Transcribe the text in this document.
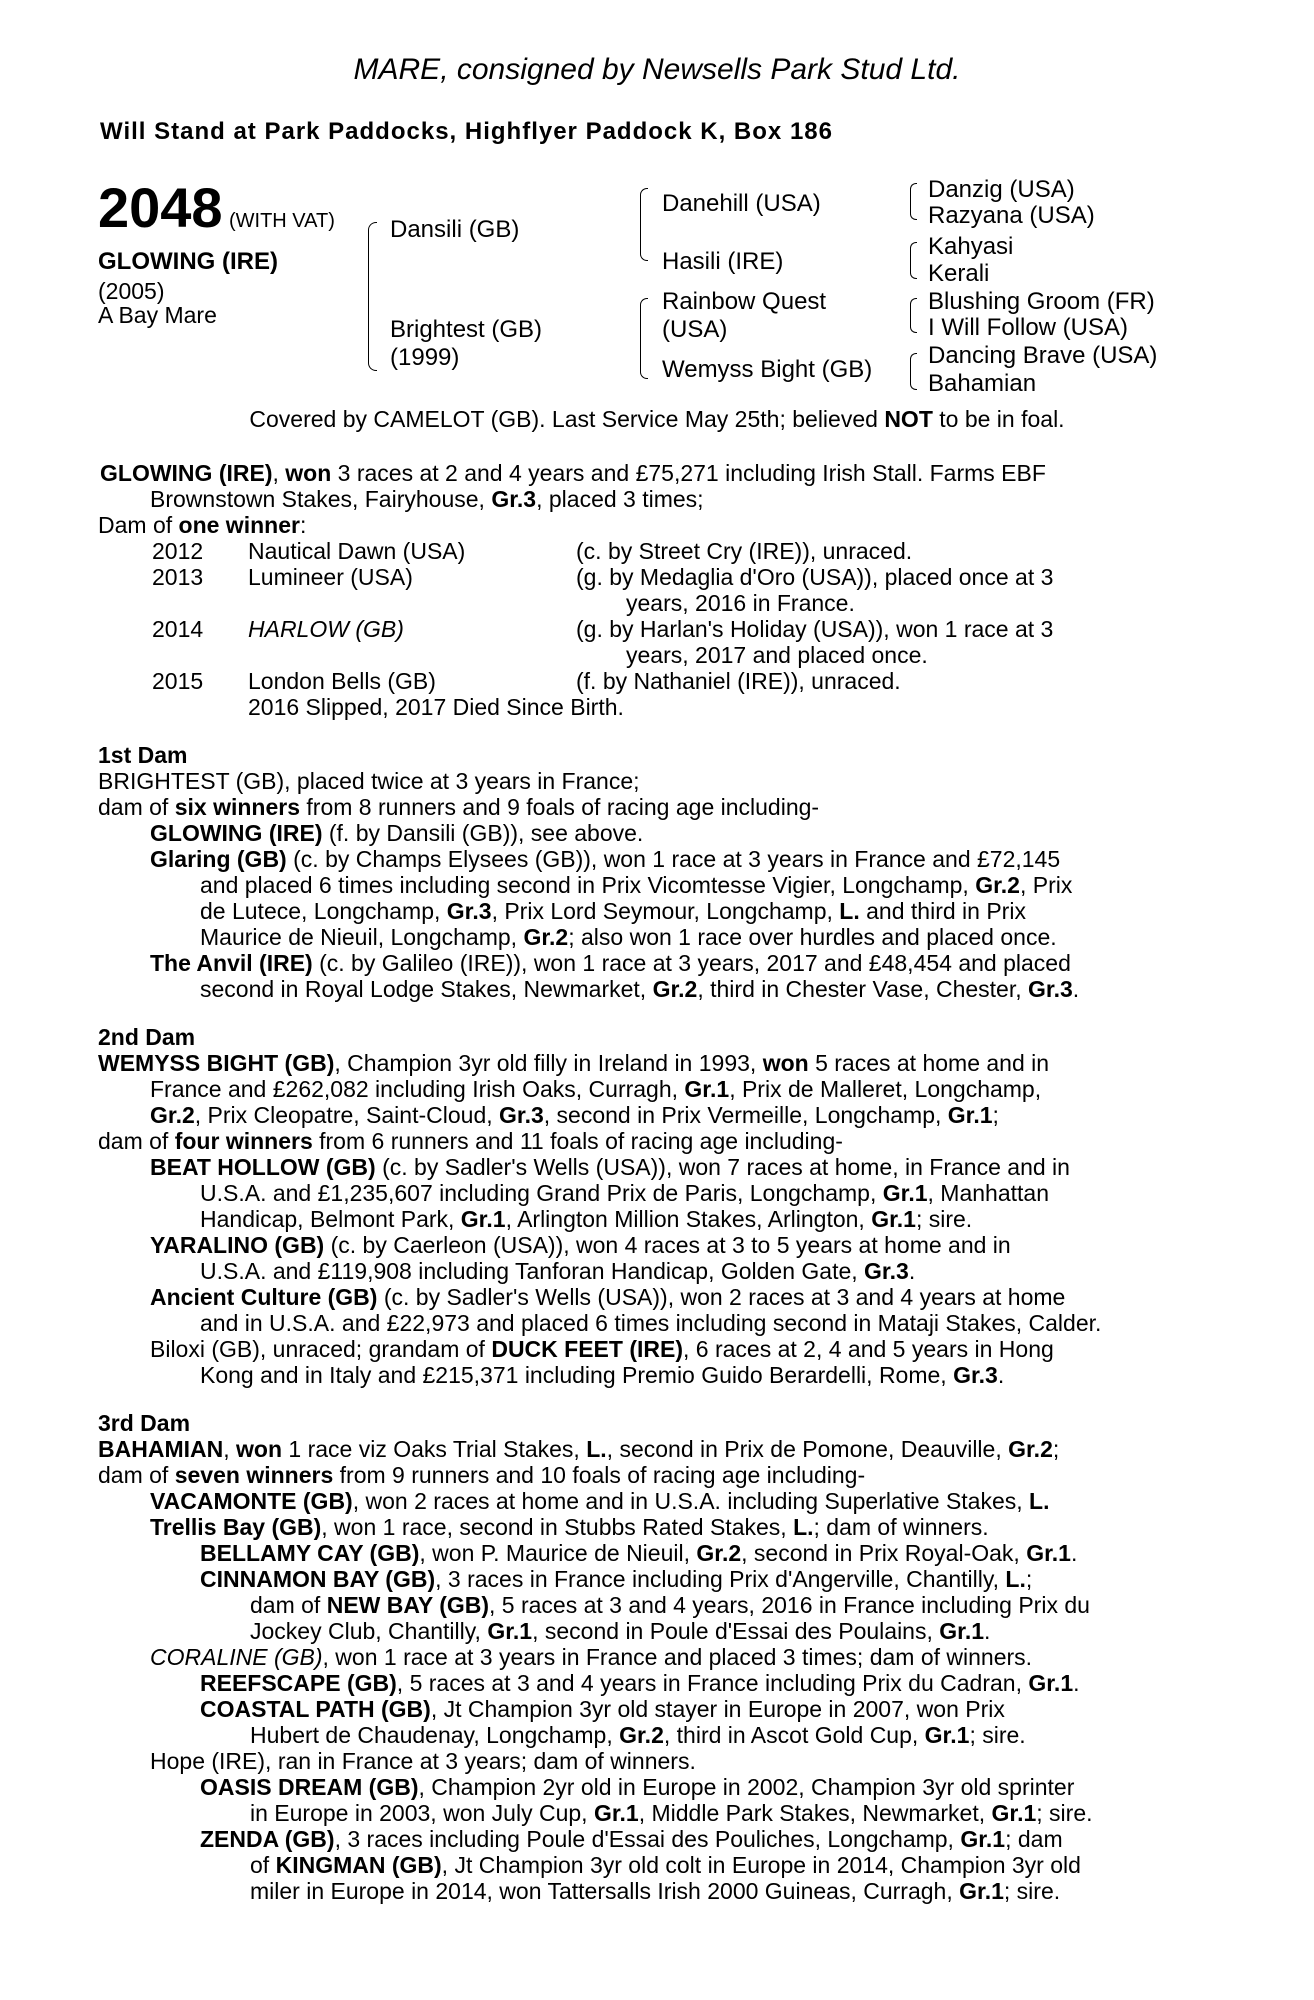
MARE, consigned by Newsells Park Stud Ltd.
Will Stand at Park Paddocks, Highflyer Paddock K, Box 186
2048 (WITH VAT)
GLOWING (IRE)
(2005)
A Bay Mare
Dansili (GB)
Brightest (GB)
(1999)
Danehill (USA)
Hasili (IRE)
Rainbow Quest
(USA)
Wemyss Bight (GB)
Danzig (USA)
Razyana (USA)
Kahyasi
Kerali
Blushing Groom (FR)
I Will Follow (USA)
Dancing Brave (USA)
Bahamian
Covered by CAMELOT (GB). Last Service May 25th; believed NOT to be in foal.
GLOWING (IRE), won 3 races at 2 and 4 years and £75,271 including Irish Stall. Farms EBF
Brownstown Stakes, Fairyhouse, Gr.3, placed 3 times;
Dam of one winner:
2012 Nautical Dawn (USA)	(c. by Street Cry (IRE)), unraced.
2013 Lumineer (USA)	(g. by Medaglia d'Oro (USA)), placed once at 3
years, 2016 in France.
2014 HARLOW (GB)	(g. by Harlan's Holiday (USA)), won 1 race at 3
years, 2017 and placed once.
2015 London Bells (GB)	(f. by Nathaniel (IRE)), unraced.
2016 Slipped, 2017 Died Since Birth.
1st Dam
BRIGHTEST (GB), placed twice at 3 years in France;
dam of six winners from 8 runners and 9 foals of racing age including-
GLOWING (IRE) (f. by Dansili (GB)), see above.
Glaring (GB) (c. by Champs Elysees (GB)), won 1 race at 3 years in France and £72,145
and placed 6 times including second in Prix Vicomtesse Vigier, Longchamp, Gr.2, Prix
de Lutece, Longchamp, Gr.3, Prix Lord Seymour, Longchamp, L. and third in Prix
Maurice de Nieuil, Longchamp, Gr.2; also won 1 race over hurdles and placed once.
The Anvil (IRE) (c. by Galileo (IRE)), won 1 race at 3 years, 2017 and £48,454 and placed
second in Royal Lodge Stakes, Newmarket, Gr.2, third in Chester Vase, Chester, Gr.3.
2nd Dam
WEMYSS BIGHT (GB), Champion 3yr old filly in Ireland in 1993, won 5 races at home and in
France and £262,082 including Irish Oaks, Curragh, Gr.1, Prix de Malleret, Longchamp,
Gr.2, Prix Cleopatre, Saint-Cloud, Gr.3, second in Prix Vermeille, Longchamp, Gr.1;
dam of four winners from 6 runners and 11 foals of racing age including-
BEAT HOLLOW (GB) (c. by Sadler's Wells (USA)), won 7 races at home, in France and in
U.S.A. and £1,235,607 including Grand Prix de Paris, Longchamp, Gr.1, Manhattan
Handicap, Belmont Park, Gr.1, Arlington Million Stakes, Arlington, Gr.1; sire.
YARALINO (GB) (c. by Caerleon (USA)), won 4 races at 3 to 5 years at home and in
U.S.A. and £119,908 including Tanforan Handicap, Golden Gate, Gr.3.
Ancient Culture (GB) (c. by Sadler's Wells (USA)), won 2 races at 3 and 4 years at home
and in U.S.A. and £22,973 and placed 6 times including second in Mataji Stakes, Calder.
Biloxi (GB), unraced; grandam of DUCK FEET (IRE), 6 races at 2, 4 and 5 years in Hong
Kong and in Italy and £215,371 including Premio Guido Berardelli, Rome, Gr.3.
3rd Dam
BAHAMIAN, won 1 race viz Oaks Trial Stakes, L., second in Prix de Pomone, Deauville, Gr.2;
dam of seven winners from 9 runners and 10 foals of racing age including-
VACAMONTE (GB), won 2 races at home and in U.S.A. including Superlative Stakes, L.
Trellis Bay (GB), won 1 race, second in Stubbs Rated Stakes, L.; dam of winners.
BELLAMY CAY (GB), won P. Maurice de Nieuil, Gr.2, second in Prix Royal-Oak, Gr.1.
CINNAMON BAY (GB), 3 races in France including Prix d'Angerville, Chantilly, L.;
dam of NEW BAY (GB), 5 races at 3 and 4 years, 2016 in France including Prix du
Jockey Club, Chantilly, Gr.1, second in Poule d'Essai des Poulains, Gr.1.
CORALINE (GB), won 1 race at 3 years in France and placed 3 times; dam of winners.
REEFSCAPE (GB), 5 races at 3 and 4 years in France including Prix du Cadran, Gr.1.
COASTAL PATH (GB), Jt Champion 3yr old stayer in Europe in 2007, won Prix
Hubert de Chaudenay, Longchamp, Gr.2, third in Ascot Gold Cup, Gr.1; sire.
Hope (IRE), ran in France at 3 years; dam of winners.
OASIS DREAM (GB), Champion 2yr old in Europe in 2002, Champion 3yr old sprinter
in Europe in 2003, won July Cup, Gr.1, Middle Park Stakes, Newmarket, Gr.1; sire.
ZENDA (GB), 3 races including Poule d'Essai des Pouliches, Longchamp, Gr.1; dam
of KINGMAN (GB), Jt Champion 3yr old colt in Europe in 2014, Champion 3yr old
miler in Europe in 2014, won Tattersalls Irish 2000 Guineas, Curragh, Gr.1; sire.
